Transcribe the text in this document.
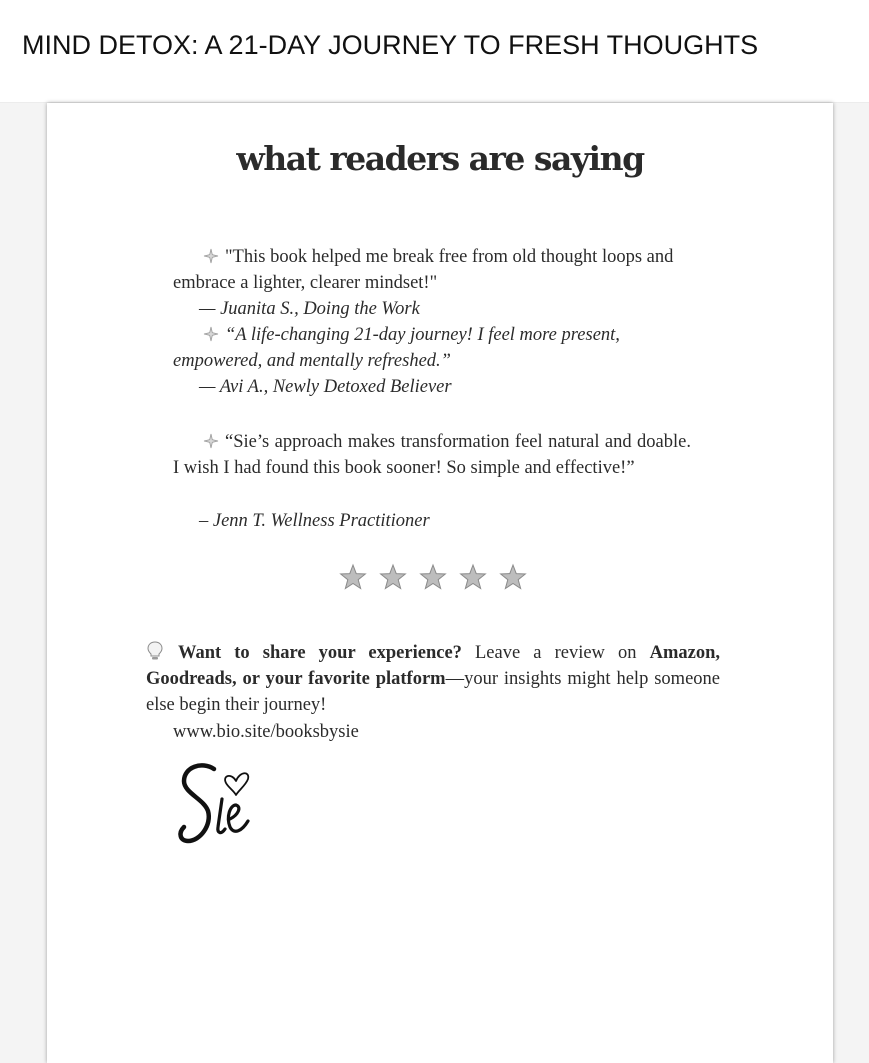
MIND DETOX: A 21-DAY JOURNEY TO FRESH THOUGHTS
what readers are saying
"This book helped me break free from old thought loops and embrace a lighter, clearer mindset!"
— Juanita S., Doing the Work
“A life-changing 21-day journey! I feel more present, empowered, and mentally refreshed.”
— Avi A., Newly Detoxed Believer
“Sie’s approach makes transformation feel natural and doable. I wish I had found this book sooner! So simple and effective!”
– Jenn T. Wellness Practitioner
Want to share your experience? Leave a review on Amazon, Goodreads, or your favorite platform—your insights might help someone else begin their journey!
www.bio.site/booksbysie
